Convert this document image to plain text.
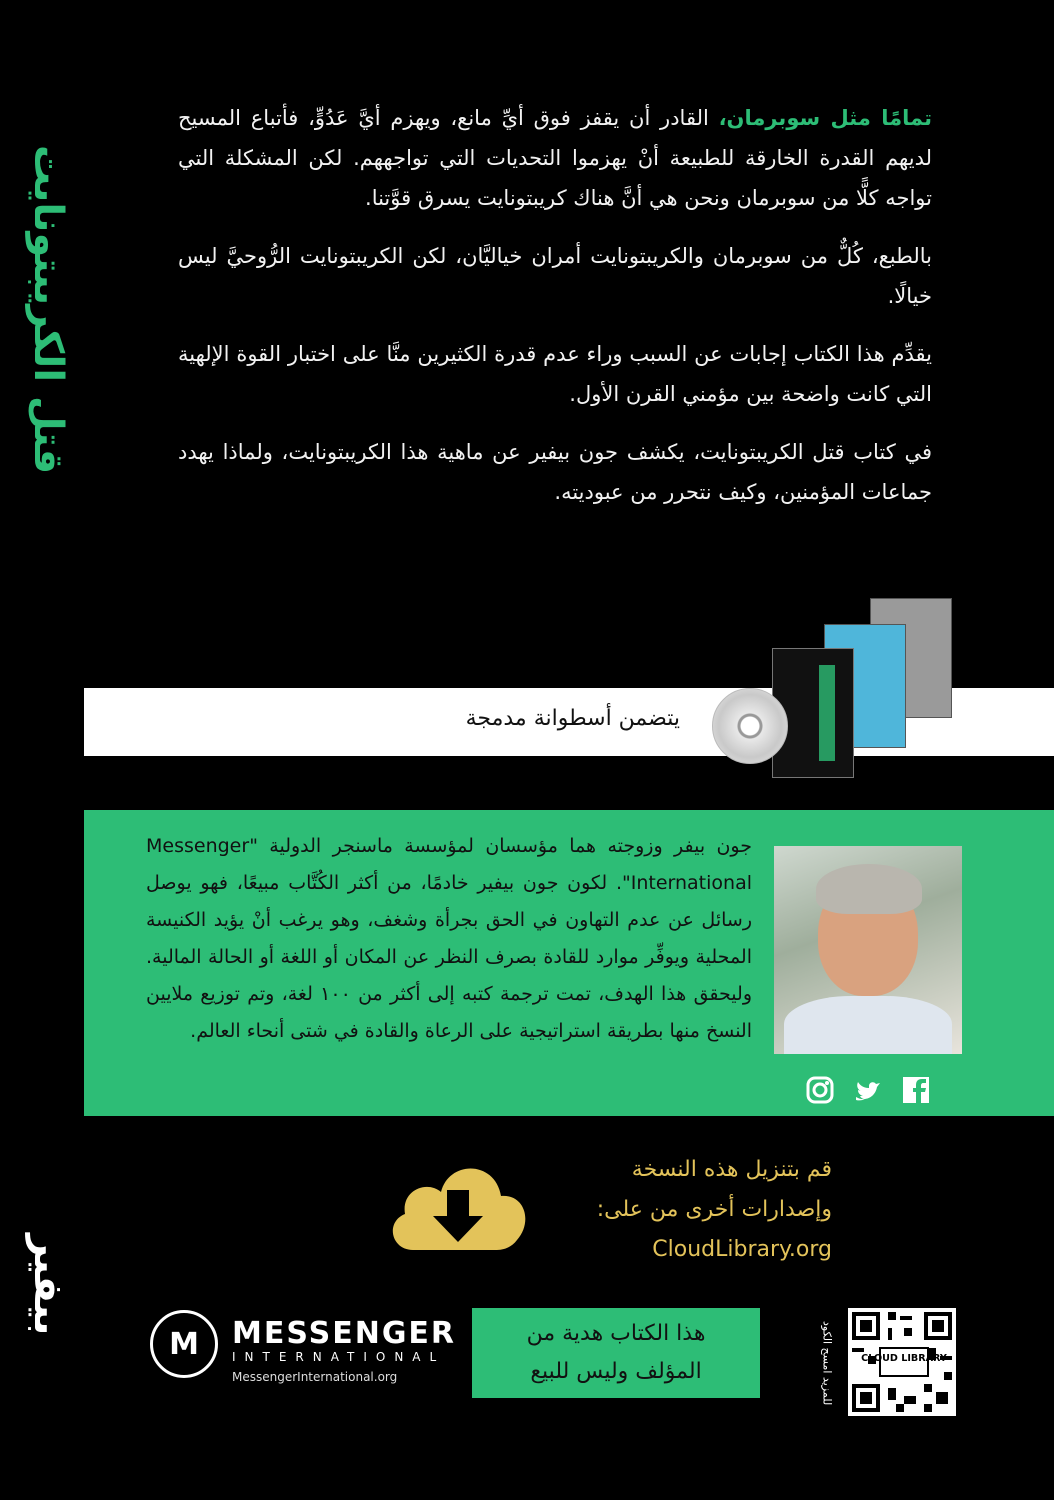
قتل الكريبتونايت
بيفير

تمامًا مثل سوبرمان، القادر أن يقفز فوق أيِّ مانع، ويهزم أيَّ عَدُوٍّ، فأتباع المسيح لديهم القدرة الخارقة للطبيعة أنْ يهزموا التحديات التي تواجههم. لكن المشكلة التي تواجه كلًّا من سوبرمان ونحن هي أنَّ هناك كريبتونايت يسرق قوَّتنا.

بالطبع، كُلٌّ من سوبرمان والكريبتونايت أمران خياليَّان، لكن الكريبتونايت الرُّوحيَّ ليس خيالًا.

يقدِّم هذا الكتاب إجابات عن السبب وراء عدم قدرة الكثيرين منَّا على اختبار القوة الإلهية التي كانت واضحة بين مؤمني القرن الأول.

في كتاب قتل الكريبتونايت، يكشف جون بيفير عن ماهية هذا الكريبتونايت، ولماذا يهدد جماعات المؤمنين، وكيف نتحرر من عبوديته.

يتضمن أسطوانة مدمجة
جون بيفر وزوجته هما مؤسسان لمؤسسة ماسنجر الدولية "Messenger International". لكون جون بيفير خادمًا، من أكثر الكُتَّاب مبيعًا، فهو يوصل رسائل عن عدم التهاون في الحق بجرأة وشغف، وهو يرغب أنْ يؤيد الكنيسة المحلية ويوفِّر موارد للقادة بصرف النظر عن المكان أو اللغة أو الحالة المالية. وليحقق هذا الهدف، تمت ترجمة كتبه إلى أكثر من ١٠٠ لغة، وتم توزيع ملايين النسخ منها بطريقة استراتيجية على الرعاة والقادة في شتى أنحاء العالم.
قم بتنزيل هذه النسخة
وإصدارات أخرى من على:
CloudLibrary.org
M	MESSENGER
INTERNATIONAL
MessengerInternational.org
هذا الكتاب هدية من
المؤلف وليس للبيع	للمزيد امسح الكود	CLOUD LIBRARY
